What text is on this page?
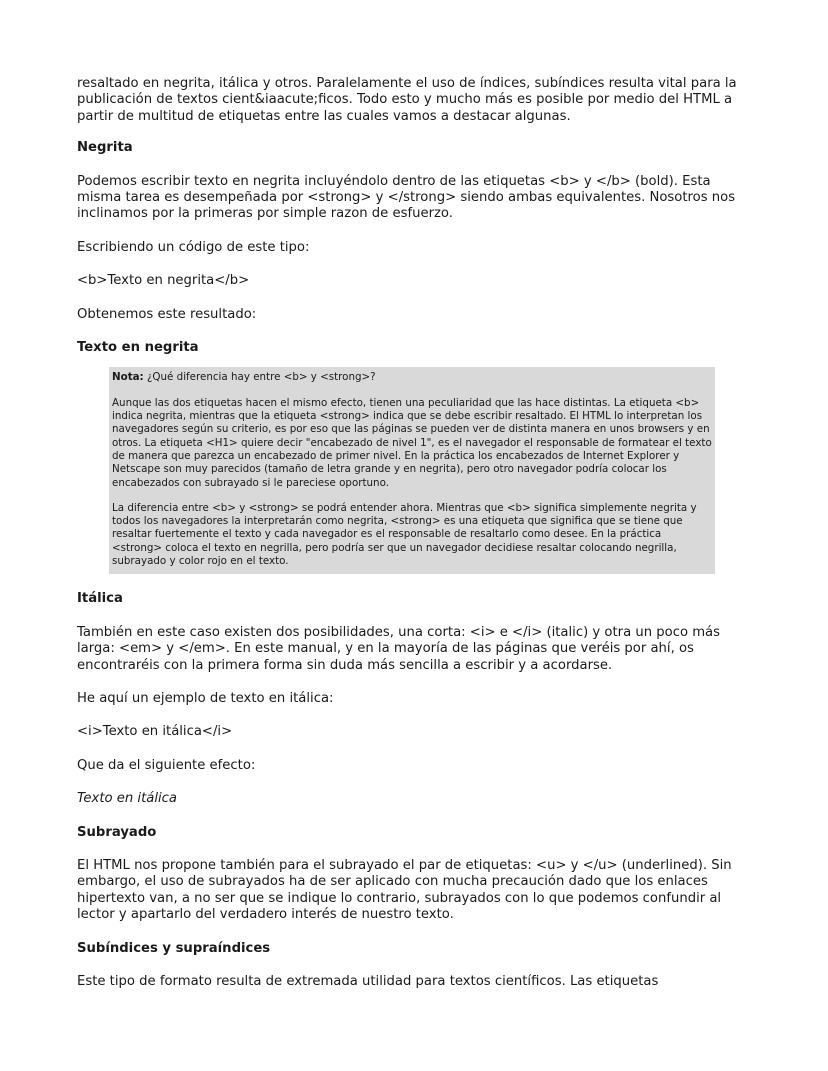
resaltado en negrita, itálica y otros. Paralelamente el uso de índices, subíndices resulta vital para la publicación de textos cient&iaacute;ficos. Todo esto y mucho más es posible por medio del HTML a partir de multitud de etiquetas entre las cuales vamos a destacar algunas.

Negrita

Podemos escribir texto en negrita incluyéndolo dentro de las etiquetas <b> y </b> (bold). Esta misma tarea es desempeñada por <strong> y </strong> siendo ambas equivalentes. Nosotros nos inclinamos por la primeras por simple razon de esfuerzo.

Escribiendo un código de este tipo:

<b>Texto en negrita</b>

Obtenemos este resultado:

Texto en negrita

Nota: ¿Qué diferencia hay entre <b> y <strong>?

Aunque las dos etiquetas hacen el mismo efecto, tienen una peculiaridad que las hace distintas. La etiqueta <b> indica negrita, mientras que la etiqueta <strong> indica que se debe escribir resaltado. El HTML lo interpretan los navegadores según su criterio, es por eso que las páginas se pueden ver de distinta manera en unos browsers y en otros. La etiqueta <H1> quiere decir "encabezado de nivel 1", es el navegador el responsable de formatear el texto de manera que parezca un encabezado de primer nivel. En la práctica los encabezados de Internet Explorer y Netscape son muy parecidos (tamaño de letra grande y en negrita), pero otro navegador podría colocar los encabezados con subrayado si le pareciese oportuno.

La diferencia entre <b> y <strong> se podrá entender ahora. Mientras que <b> significa simplemente negrita y todos los navegadores la interpretarán como negrita, <strong> es una etiqueta que significa que se tiene que resaltar fuertemente el texto y cada navegador es el responsable de resaltarlo como desee. En la práctica <strong> coloca el texto en negrilla, pero podría ser que un navegador decidiese resaltar colocando negrilla, subrayado y color rojo en el texto.

Itálica

También en este caso existen dos posibilidades, una corta: <i> e </i> (italic) y otra un poco más larga: <em> y </em>. En este manual, y en la mayoría de las páginas que veréis por ahí, os encontraréis con la primera forma sin duda más sencilla a escribir y a acordarse.

He aquí un ejemplo de texto en itálica:

<i>Texto en itálica</i>

Que da el siguiente efecto:

Texto en itálica

Subrayado

El HTML nos propone también para el subrayado el par de etiquetas: <u> y </u> (underlined). Sin embargo, el uso de subrayados ha de ser aplicado con mucha precaución dado que los enlaces hipertexto van, a no ser que se indique lo contrario, subrayados con lo que podemos confundir al lector y apartarlo del verdadero interés de nuestro texto.

Subíndices y supraíndices

Este tipo de formato resulta de extremada utilidad para textos científicos. Las etiquetas
